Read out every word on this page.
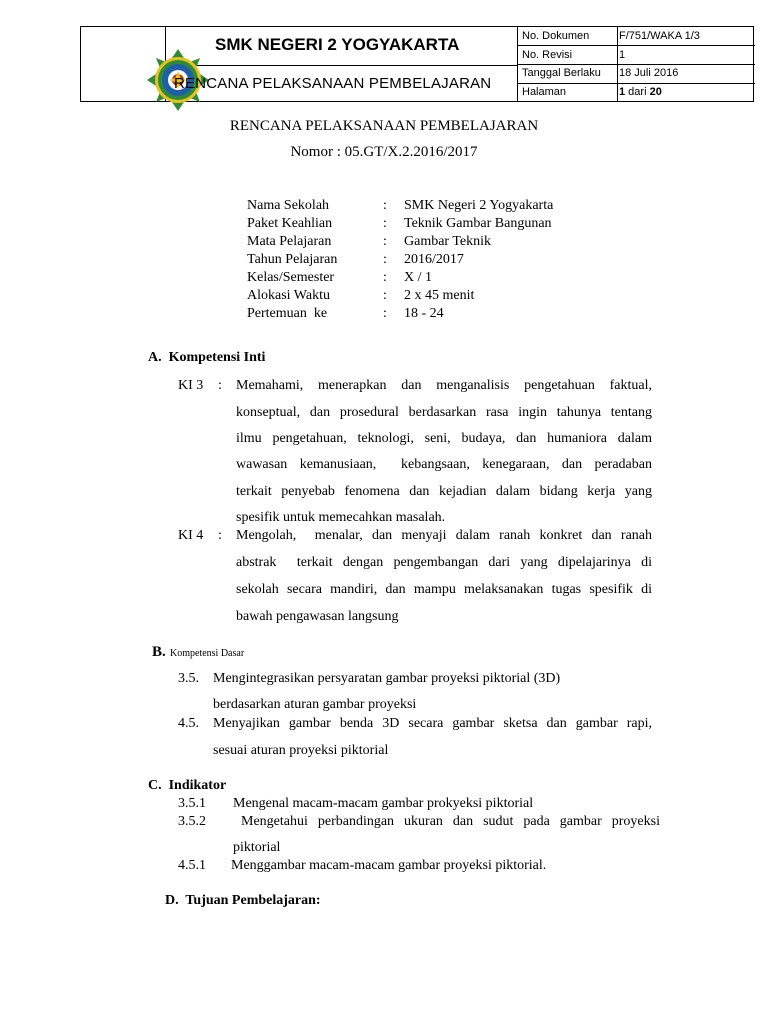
SMK NEGERI 2 YOGYAKARTA
RENCANA PELAKSANAAN PEMBELAJARAN
No. Dokumen	F/751/WAKA 1/3
No. Revisi	1
Tanggal Berlaku 18 Juli 2016
Halaman	1 dari 20
RENCANA PELAKSANAAN PEMBELAJARAN
Nomor : 05.GT/X.2.2016/2017
Nama Sekolah	: SMK Negeri 2 Yogyakarta
Paket Keahlian	: Teknik Gambar Bangunan
Mata Pelajaran	: Gambar Teknik
Tahun Pelajaran	: 2016/2017
Kelas/Semester	: X / 1
Alokasi Waktu	: 2 x 45 menit
Pertemuan  ke	: 18 - 24
A.  Kompetensi Inti
KI 3 : Memahami, menerapkan dan menganalisis pengetahuan faktual,
konseptual, dan prosedural berdasarkan rasa ingin tahunya tentang
ilmu pengetahuan, teknologi, seni, budaya, dan humaniora dalam
wawasan kemanusiaan,  kebangsaan, kenegaraan, dan peradaban
terkait penyebab fenomena dan kejadian dalam bidang kerja yang
spesifik untuk memecahkan masalah.
KI 4 : Mengolah,  menalar, dan menyaji dalam ranah konkret dan ranah
abstrak  terkait dengan pengembangan dari yang dipelajarinya di
sekolah secara mandiri, dan mampu melaksanakan tugas spesifik di
bawah pengawasan langsung
B. Kompetensi Dasar
3.5. Mengintegrasikan persyaratan gambar proyeksi piktorial (3D)
berdasarkan aturan gambar proyeksi
4.5. Menyajikan gambar benda 3D secara gambar sketsa dan gambar rapi,
sesuai aturan proyeksi piktorial
C.  Indikator
3.5.1 Mengenal macam-macam gambar prokyeksi piktorial
3.5.2	Mengetahui perbandingan ukuran dan sudut pada gambar proyeksi
piktorial
4.5.1 Menggambar macam-macam gambar proyeksi piktorial.
D.  Tujuan Pembelajaran:
